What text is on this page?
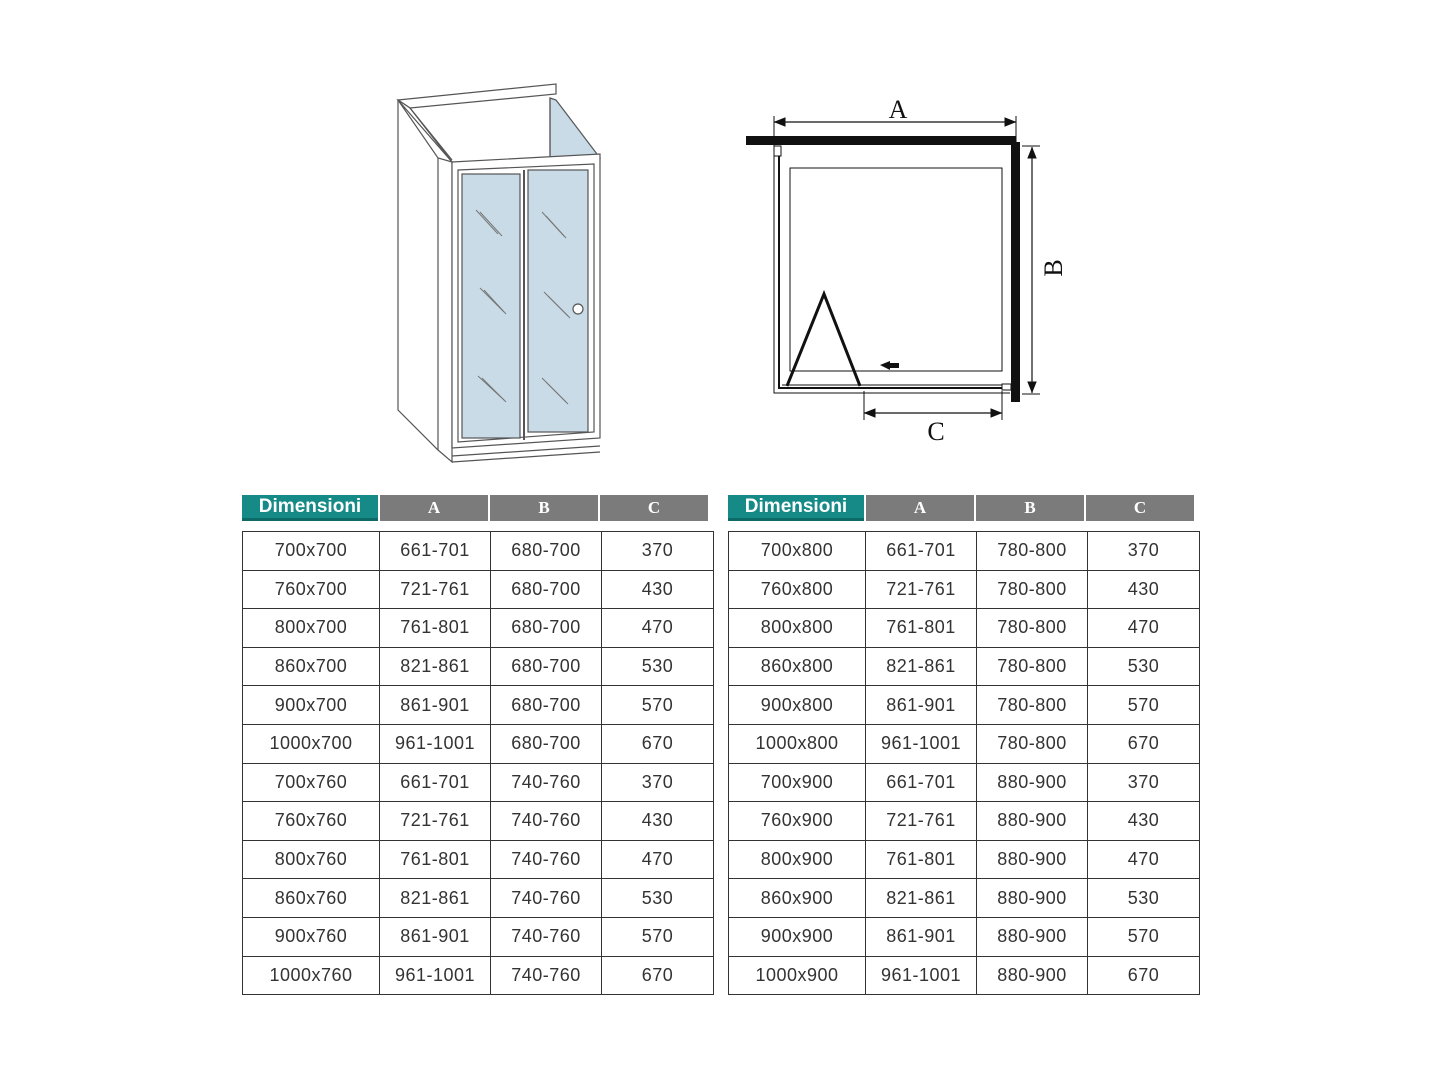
A
B
C
Dimensioni	A	B	C
700x700	661-701	680-700	370
760x700	721-761	680-700	430
800x700	761-801	680-700	470
860x700	821-861	680-700	530
900x700	861-901	680-700	570
1000x700	961-1001	680-700	670
700x760	661-701	740-760	370
760x760	721-761	740-760	430
800x760	761-801	740-760	470
860x760	821-861	740-760	530
900x760	861-901	740-760	570
1000x760	961-1001	740-760	670
Dimensioni	A	B	C
700x800	661-701	780-800	370
760x800	721-761	780-800	430
800x800	761-801	780-800	470
860x800	821-861	780-800	530
900x800	861-901	780-800	570
1000x800	961-1001	780-800	670
700x900	661-701	880-900	370
760x900	721-761	880-900	430
800x900	761-801	880-900	470
860x900	821-861	880-900	530
900x900	861-901	880-900	570
1000x900	961-1001	880-900	670
